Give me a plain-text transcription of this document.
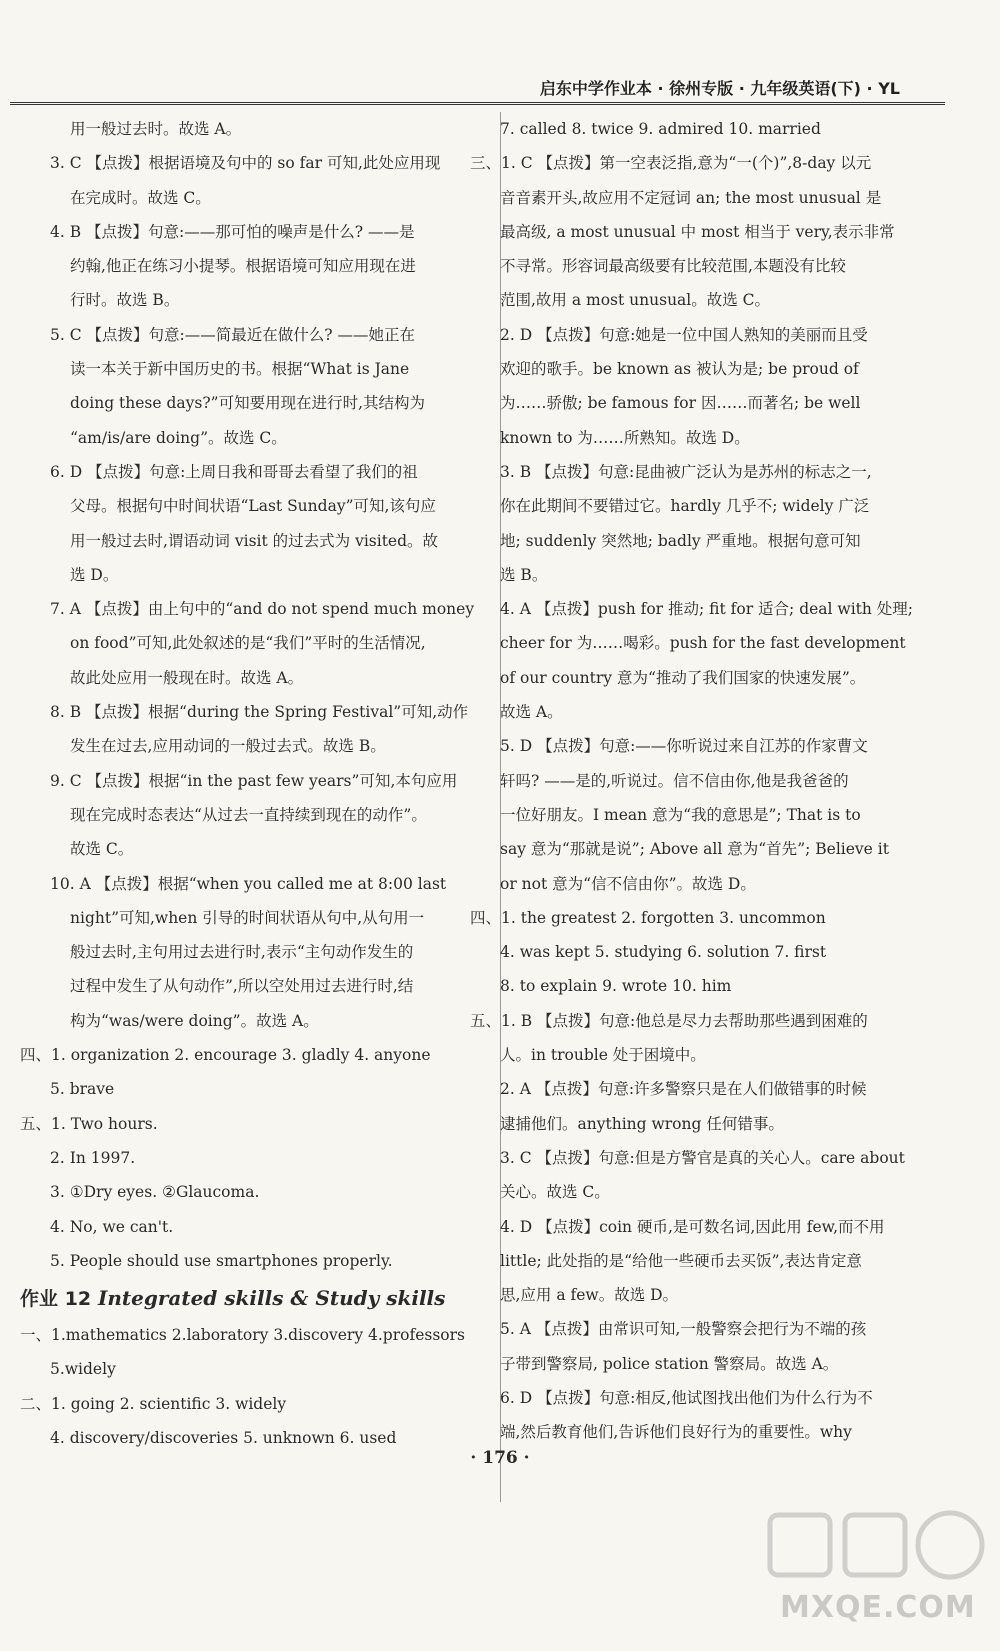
启东中学作业本 · 徐州专版 · 九年级英语(下) · YL
用一般过去时。故选 A。
3. C 【点拨】根据语境及句中的 so far 可知,此处应用现
在完成时。故选 C。
4. B 【点拨】句意:——那可怕的噪声是什么? ——是
约翰,他正在练习小提琴。根据语境可知应用现在进
行时。故选 B。
5. C 【点拨】句意:——简最近在做什么? ——她正在
读一本关于新中国历史的书。根据“What is Jane
doing these days?”可知要用现在进行时,其结构为
“am/is/are doing”。故选 C。
6. D 【点拨】句意:上周日我和哥哥去看望了我们的祖
父母。根据句中时间状语“Last Sunday”可知,该句应
用一般过去时,谓语动词 visit 的过去式为 visited。故
选 D。
7. A 【点拨】由上句中的“and do not spend much money
on food”可知,此处叙述的是“我们”平时的生活情况,
故此处应用一般现在时。故选 A。
8. B 【点拨】根据“during the Spring Festival”可知,动作
发生在过去,应用动词的一般过去式。故选 B。
9. C 【点拨】根据“in the past few years”可知,本句应用
现在完成时态表达“从过去一直持续到现在的动作”。
故选 C。
10. A 【点拨】根据“when you called me at 8:00 last
night”可知,when 引导的时间状语从句中,从句用一
般过去时,主句用过去进行时,表示“主句动作发生的
过程中发生了从句动作”,所以空处用过去进行时,结
构为“was/were doing”。故选 A。
四、1. organization 2. encourage 3. gladly 4. anyone
5. brave
五、1. Two hours.
2. In 1997.
3. ①Dry eyes. ②Glaucoma.
4. No, we can't.
5. People should use smartphones properly.
作业 12 Integrated skills & Study skills
一、1.mathematics 2.laboratory 3.discovery 4.professors
5.widely
二、1. going 2. scientific 3. widely
4. discovery/discoveries 5. unknown 6. used
7. called 8. twice 9. admired 10. married
三、1. C 【点拨】第一空表泛指,意为“一(个)”,8-day 以元
音音素开头,故应用不定冠词 an; the most unusual 是
最高级, a most unusual 中 most 相当于 very,表示非常
不寻常。形容词最高级要有比较范围,本题没有比较
范围,故用 a most unusual。故选 C。
2. D 【点拨】句意:她是一位中国人熟知的美丽而且受
欢迎的歌手。be known as 被认为是; be proud of
为……骄傲; be famous for 因……而著名; be well
known to 为……所熟知。故选 D。
3. B 【点拨】句意:昆曲被广泛认为是苏州的标志之一,
你在此期间不要错过它。hardly 几乎不; widely 广泛
地; suddenly 突然地; badly 严重地。根据句意可知
选 B。
4. A 【点拨】push for 推动; fit for 适合; deal with 处理;
cheer for 为……喝彩。push for the fast development
of our country 意为“推动了我们国家的快速发展”。
故选 A。
5. D 【点拨】句意:——你听说过来自江苏的作家曹文
轩吗? ——是的,听说过。信不信由你,他是我爸爸的
一位好朋友。I mean 意为“我的意思是”; That is to
say 意为“那就是说”; Above all 意为“首先”; Believe it
or not 意为“信不信由你”。故选 D。
四、1. the greatest 2. forgotten 3. uncommon
4. was kept 5. studying 6. solution 7. first
8. to explain 9. wrote 10. him
五、1. B 【点拨】句意:他总是尽力去帮助那些遇到困难的
人。in trouble 处于困境中。
2. A 【点拨】句意:许多警察只是在人们做错事的时候
逮捕他们。anything wrong 任何错事。
3. C 【点拨】句意:但是方警官是真的关心人。care about
关心。故选 C。
4. D 【点拨】coin 硬币,是可数名词,因此用 few,而不用
little; 此处指的是“给他一些硬币去买饭”,表达肯定意
思,应用 a few。故选 D。
5. A 【点拨】由常识可知,一般警察会把行为不端的孩
子带到警察局, police station 警察局。故选 A。
6. D 【点拨】句意:相反,他试图找出他们为什么行为不
端,然后教育他们,告诉他们良好行为的重要性。why
· 176 ·
MXQE.COM
